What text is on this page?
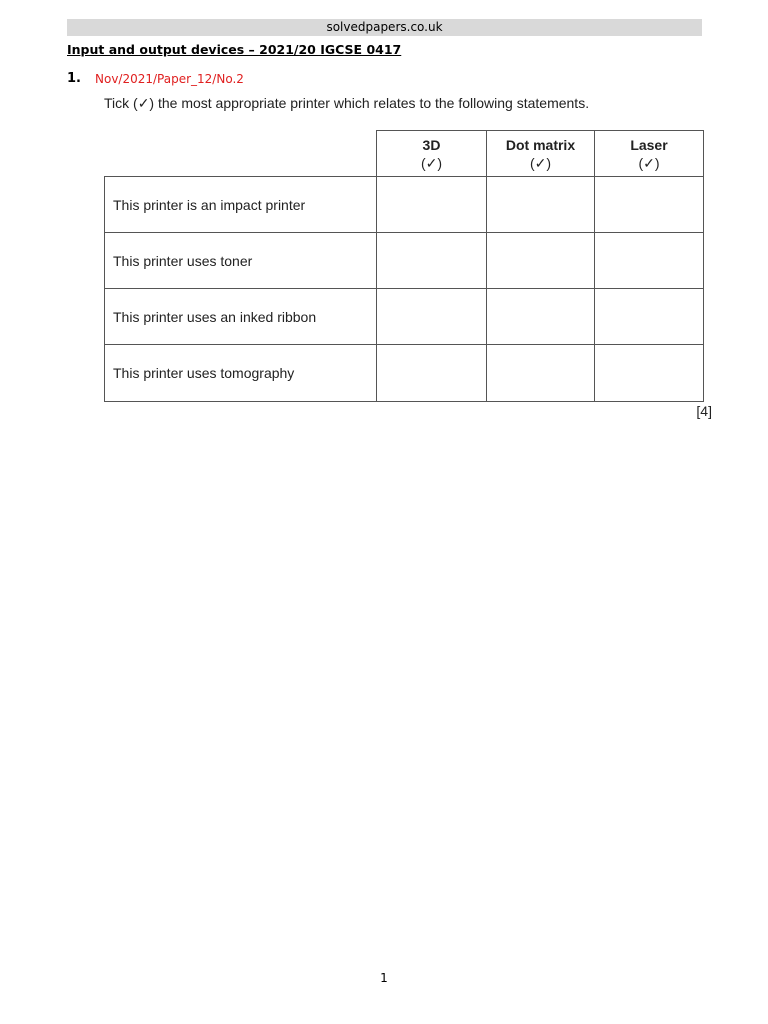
solvedpapers.co.uk
Input and output devices – 2021/20 IGCSE 0417
1. Nov/2021/Paper_12/No.2
Tick (✓) the most appropriate printer which relates to the following statements.
3D
(✓)
Dot matrix
(✓)
Laser
(✓)
This printer is an impact printer
This printer uses toner
This printer uses an inked ribbon
This printer uses tomography
[4]
1
